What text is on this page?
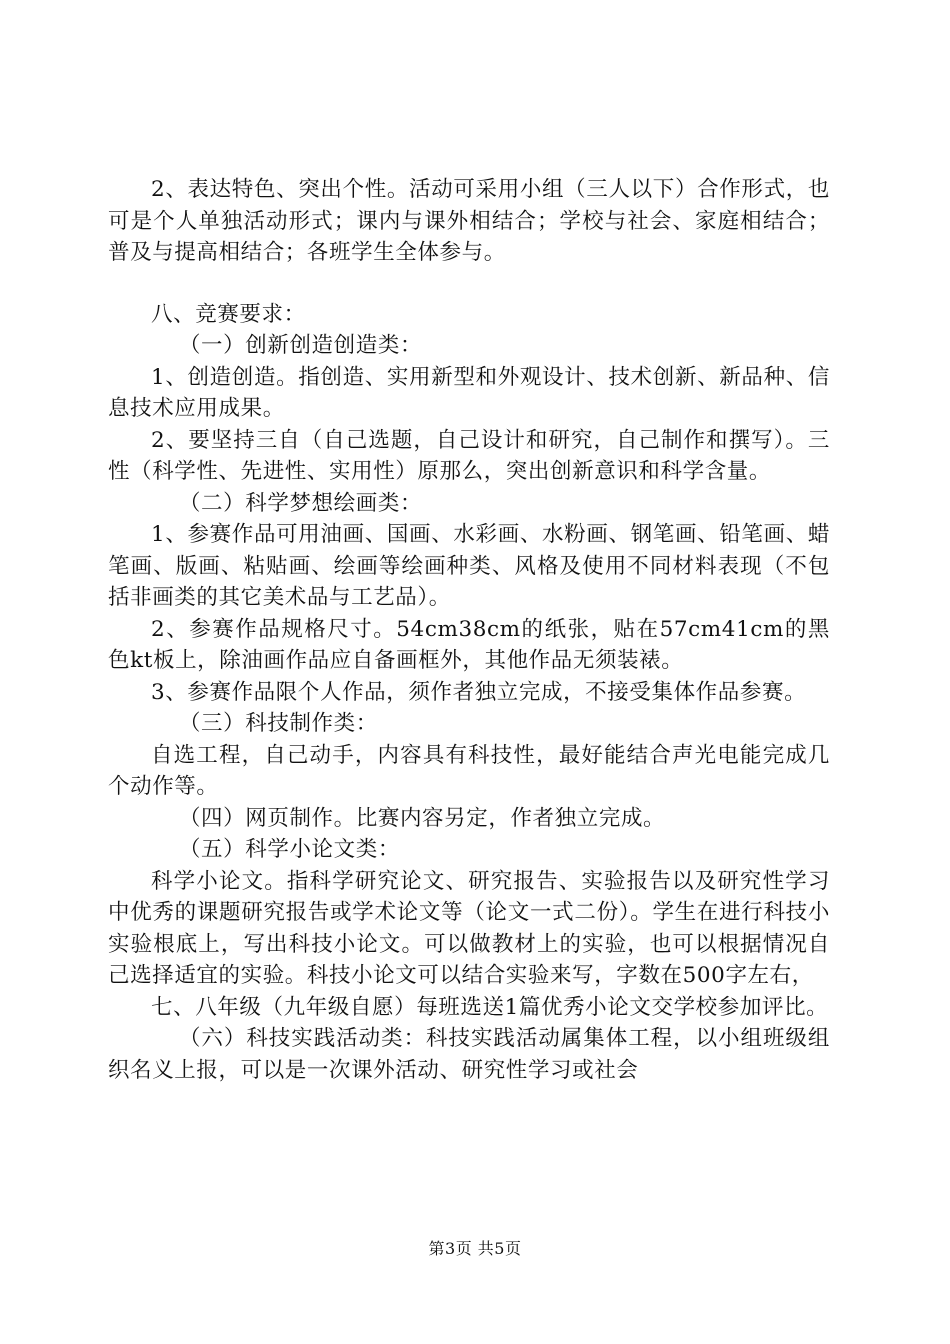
2、表达特色、突出个性。活动可采用小组（三人以下）合作形式，也可是个人单独活动形式；课内与课外相结合；学校与社会、家庭相结合；普及与提高相结合；各班学生全体参与。

八、竞赛要求：

（一）创新创造创造类：

1、创造创造。指创造、实用新型和外观设计、技术创新、新品种、信息技术应用成果。

2、要坚持三自（自己选题，自己设计和研究，自己制作和撰写）。三性（科学性、先进性、实用性）原那么，突出创新意识和科学含量。

（二）科学梦想绘画类：

1、参赛作品可用油画、国画、水彩画、水粉画、钢笔画、铅笔画、蜡笔画、版画、粘贴画、绘画等绘画种类、风格及使用不同材料表现（不包括非画类的其它美术品与工艺品）。

2、参赛作品规格尺寸。54cm38cm的纸张，贴在57cm41cm的黑色kt板上，除油画作品应自备画框外，其他作品无须装裱。

3、参赛作品限个人作品，须作者独立完成，不接受集体作品参赛。

（三）科技制作类：

自选工程，自己动手，内容具有科技性，最好能结合声光电能完成几个动作等。

（四）网页制作。比赛内容另定，作者独立完成。

（五）科学小论文类：

科学小论文。指科学研究论文、研究报告、实验报告以及研究性学习中优秀的课题研究报告或学术论文等（论文一式二份）。学生在进行科技小实验根底上，写出科技小论文。可以做教材上的实验，也可以根据情况自己选择适宜的实验。科技小论文可以结合实验来写，字数在500字左右，

七、八年级（九年级自愿）每班选送1篇优秀小论文交学校参加评比。

（六）科技实践活动类：科技实践活动属集体工程，以小组班级组织名义上报，可以是一次课外活动、研究性学习或社会

第3页 共5页
